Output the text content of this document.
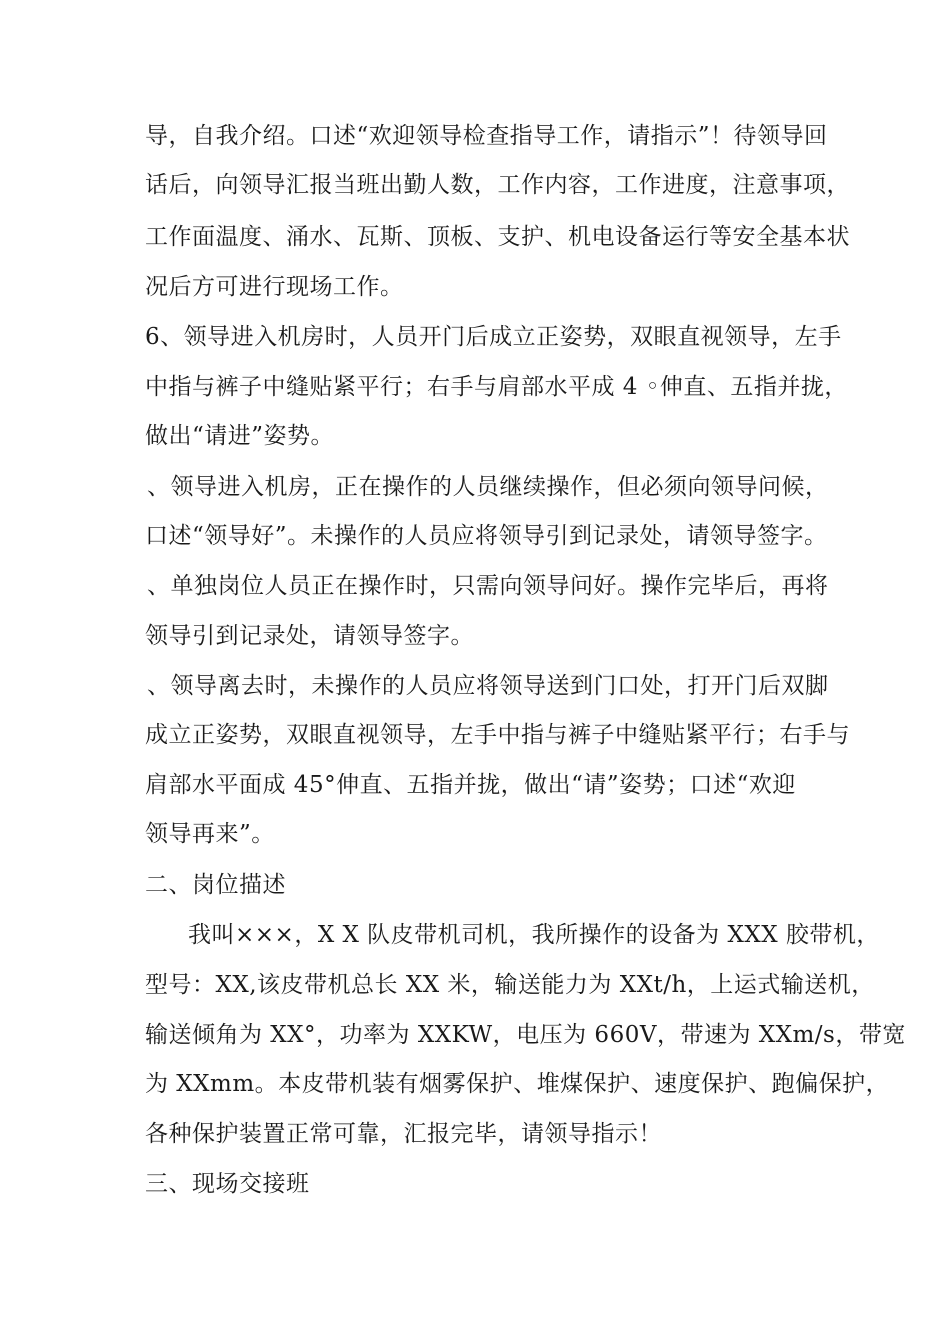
导，自我介绍。口述“欢迎领导检查指导工作，请指示”！待领导回
话后，向领导汇报当班出勤人数，工作内容，工作进度，注意事项，
工作面温度、涌水、瓦斯、顶板、支护、机电设备运行等安全基本状
况后方可进行现场工作。
6、领导进入机房时，人员开门后成立正姿势，双眼直视领导，左手
中指与裤子中缝贴紧平行；右手与肩部水平成 4 ◦伸直、五指并拢，
做出“请进”姿势。
、领导进入机房，正在操作的人员继续操作，但必须向领导问候，
口述“领导好”。未操作的人员应将领导引到记录处，请领导签字。
、单独岗位人员正在操作时，只需向领导问好。操作完毕后，再将
领导引到记录处，请领导签字。
、领导离去时，未操作的人员应将领导送到门口处，打开门后双脚
成立正姿势，双眼直视领导，左手中指与裤子中缝贴紧平行；右手与
肩部水平面成 45°伸直、五指并拢，做出“请”姿势；口述“欢迎
领导再来”。
二、岗位描述
我叫×××，X X 队皮带机司机，我所操作的设备为 XXX 胶带机，
型号：XX,该皮带机总长 XX 米，输送能力为 XXt/h，上运式输送机，
输送倾角为 XX°，功率为 XXKW，电压为 660V，带速为 XXm/s，带宽
为 XXmm。本皮带机装有烟雾保护、堆煤保护、速度保护、跑偏保护，
各种保护装置正常可靠，汇报完毕，请领导指示！
三、现场交接班
